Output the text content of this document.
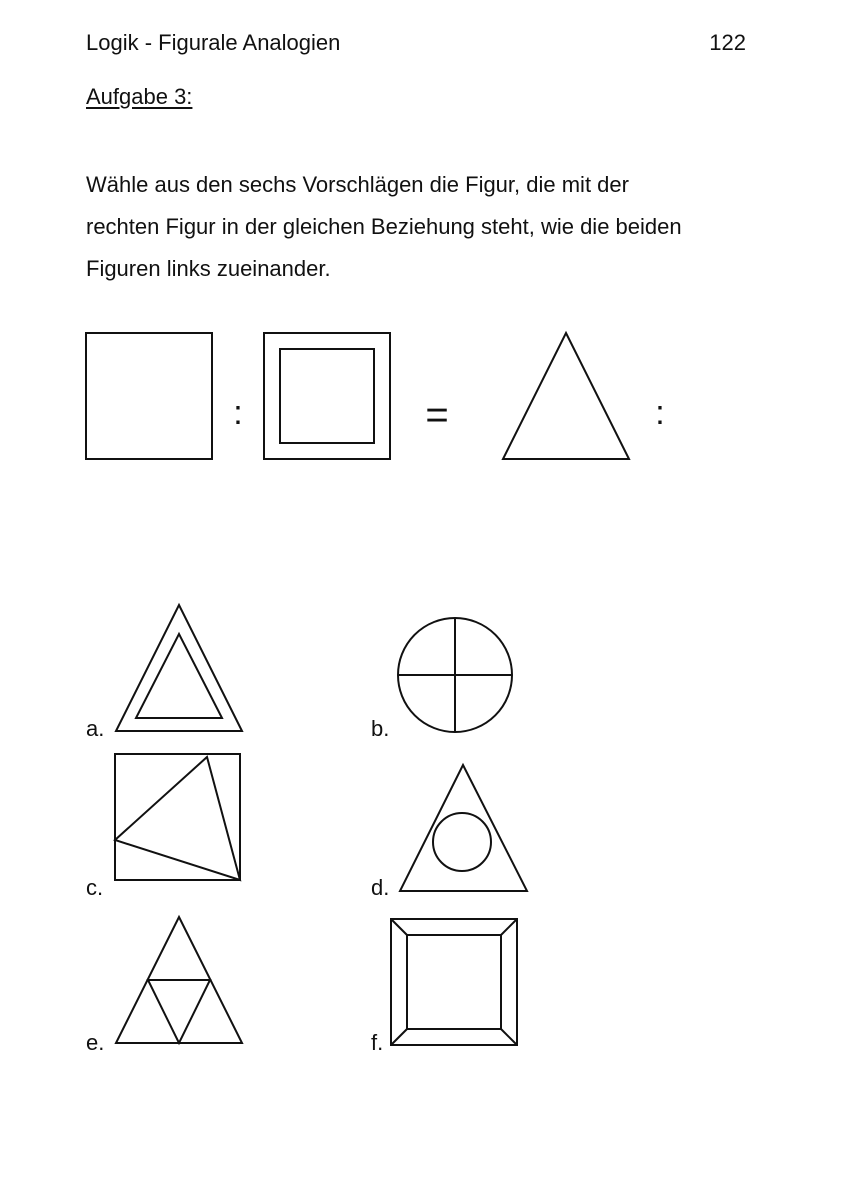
Logik - Figurale Analogien	122
Aufgabe 3:
Wähle aus den sechs Vorschlägen die Figur, die mit der
rechten Figur in der gleichen Beziehung steht, wie die beiden
Figuren links zueinander.
:	=	:
a.	b.
c.	d.
e.	f.
